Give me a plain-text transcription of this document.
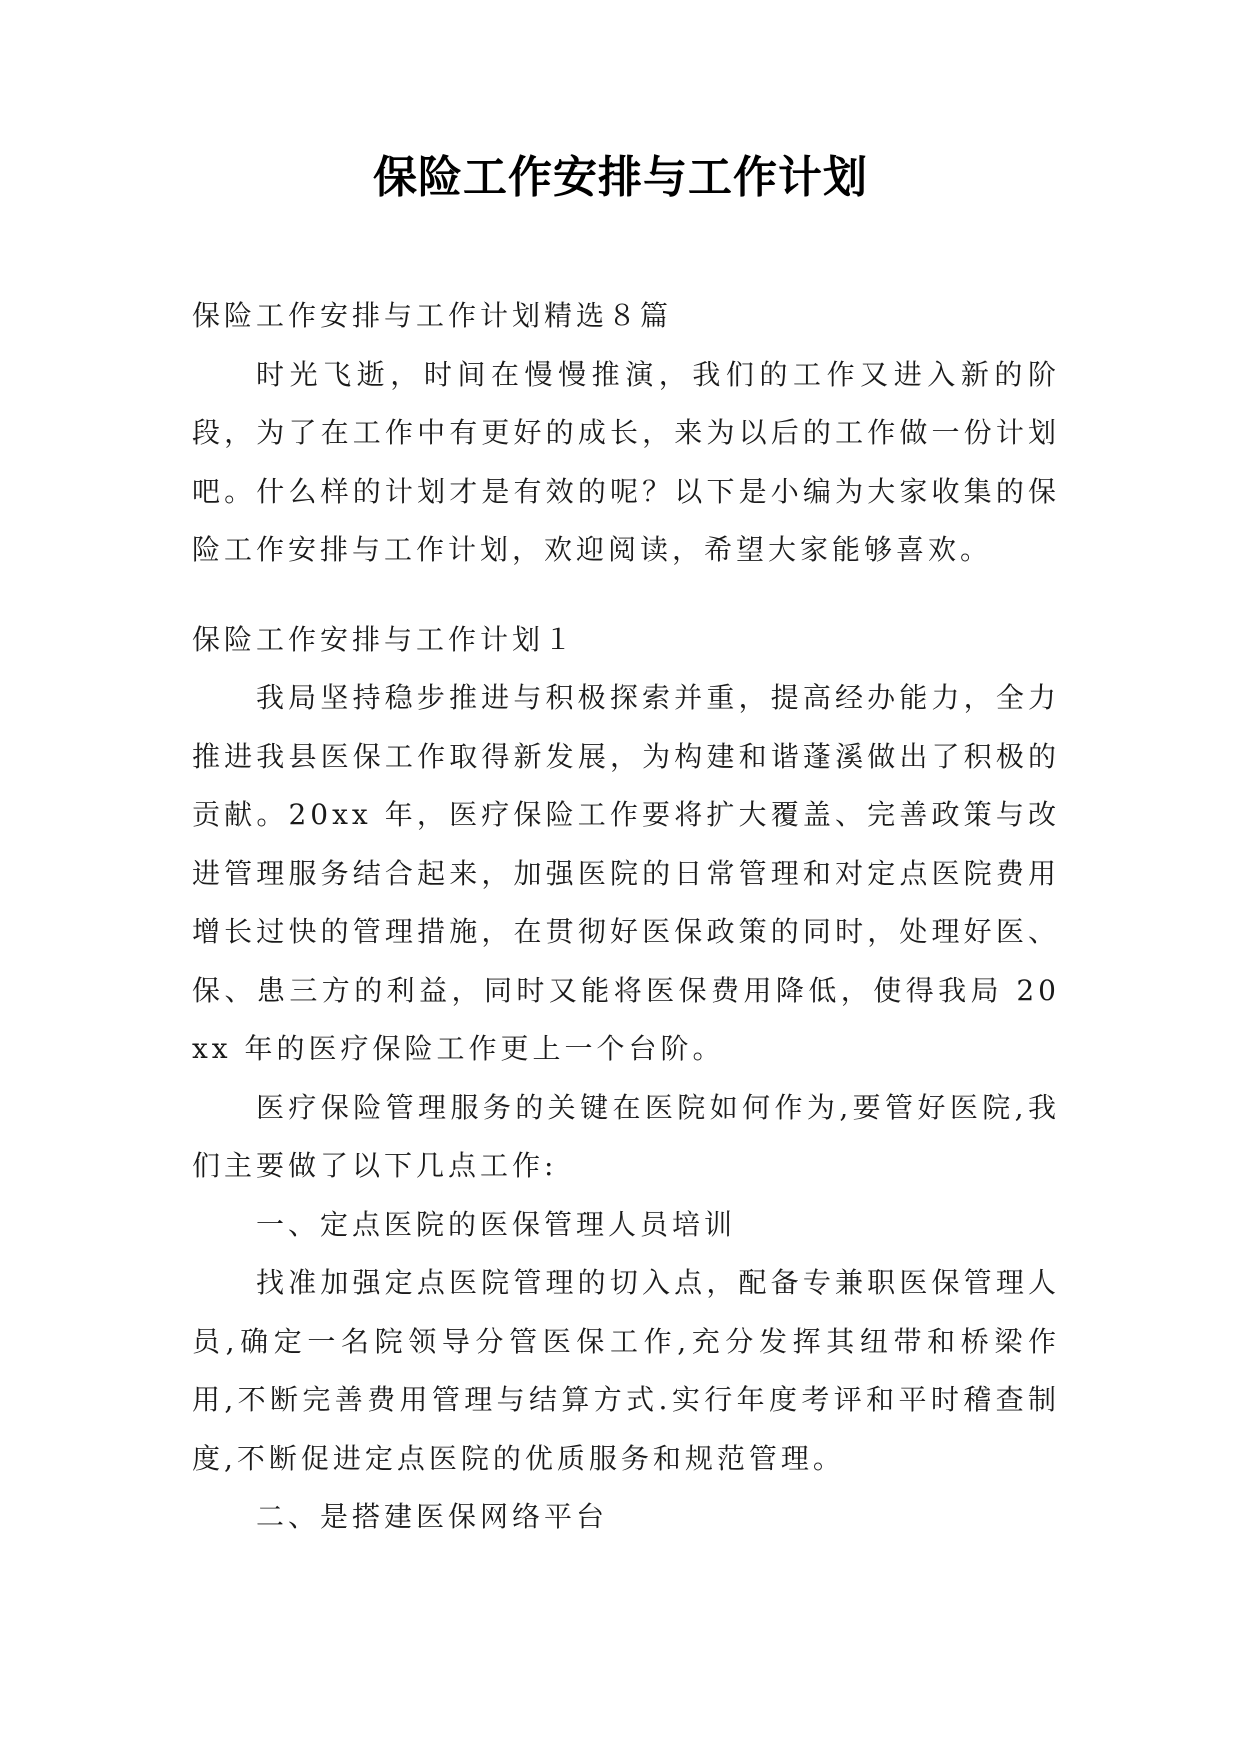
保险工作安排与工作计划

保险工作安排与工作计划精选８篇

时光飞逝，时间在慢慢推演，我们的工作又进入新的阶段，为了在工作中有更好的成长，来为以后的工作做一份计划吧。什么样的计划才是有效的呢？以下是小编为大家收集的保险工作安排与工作计划，欢迎阅读，希望大家能够喜欢。

保险工作安排与工作计划１

我局坚持稳步推进与积极探索并重，提高经办能力，全力推进我县医保工作取得新发展，为构建和谐蓬溪做出了积极的贡献。20xx 年，医疗保险工作要将扩大覆盖、完善政策与改进管理服务结合起来，加强医院的日常管理和对定点医院费用增长过快的管理措施，在贯彻好医保政策的同时，处理好医、保、患三方的利益，同时又能将医保费用降低，使得我局 20xx 年的医疗保险工作更上一个台阶。

医疗保险管理服务的关键在医院如何作为,要管好医院,我们主要做了以下几点工作:

一、定点医院的医保管理人员培训

找准加强定点医院管理的切入点，配备专兼职医保管理人员,确定一名院领导分管医保工作,充分发挥其纽带和桥梁作用,不断完善费用管理与结算方式.实行年度考评和平时稽查制度,不断促进定点医院的优质服务和规范管理。

二、是搭建医保网络平台
